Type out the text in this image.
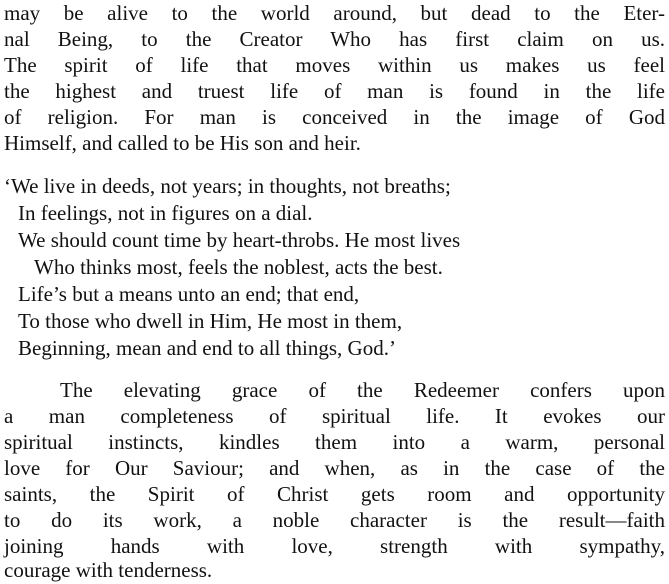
may be alive to the world around, but dead to the Eter-
nal Being, to the Creator Who has first claim on us.
The spirit of life that moves within us makes us feel
the highest and truest life of man is found in the life
of religion. For man is conceived in the image of God
Himself, and called to be His son and heir.
‘We live in deeds, not years; in thoughts, not breaths;
In feelings, not in figures on a dial.
We should count time by heart-throbs. He most lives
Who thinks most, feels the noblest, acts the best.
Life’s but a means unto an end; that end,
To those who dwell in Him, He most in them,
Beginning, mean and end to all things, God.’
The elevating grace of the Redeemer confers upon
a man completeness of spiritual life. It evokes our
spiritual instincts, kindles them into a warm, personal
love for Our Saviour; and when, as in the case of the
saints, the Spirit of Christ gets room and opportunity
to do its work, a noble character is the result—faith
joining hands with love, strength with sympathy,
courage with tenderness.
